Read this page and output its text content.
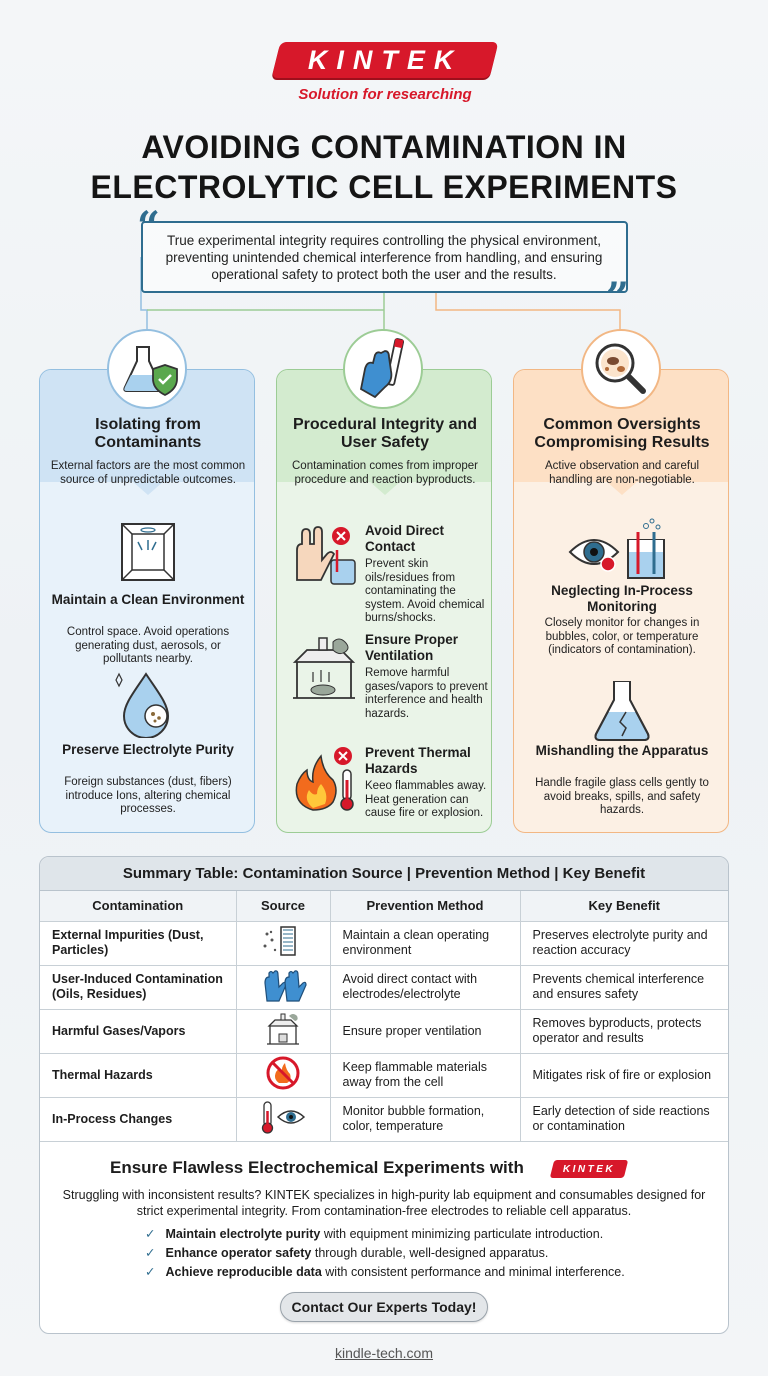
KINTEK
Solution for researching
AVOIDING CONTAMINATION IN
ELECTROLYTIC CELL EXPERIMENTS
“
”
True experimental integrity requires controlling the physical environment, preventing unintended chemical interference from handling, and ensuring operational safety to protect both the user and the results.
Isolating from Contaminants
External factors are the most common source of unpredictable outcomes.
Maintain a Clean Environment
Control space. Avoid operations generating dust, aerosols, or pollutants nearby.
Preserve Electrolyte Purity
Foreign substances (dust, fibers) introduce Ions, altering chemical processes.
Procedural Integrity and User Safety
Contamination comes from improper procedure and reaction byproducts.
Avoid Direct Contact
Prevent skin oils/residues from contaminating the system. Avoid chemical burns/shocks.
Ensure Proper Ventilation
Remove harmful gases/vapors to prevent interference and health hazards.
Prevent Thermal Hazards
Keeo flammables away. Heat generation can cause fire or explosion.
Common Oversights Compromising Results
Active observation and careful handling are non-negotiable.
Neglecting In-Process Monitoring
Closely monitor for changes in bubbles, color, or temperature (indicators of contamination).
Mishandling the Apparatus
Handle fragile glass cells gently to avoid breaks, spills, and safety hazards.
Summary Table: Contamination Source | Prevention Method | Key Benefit
Contamination	Source	Prevention Method	Key Benefit
External Impurities (Dust, Particles)		Maintain a clean operating environment	Preserves electrolyte purity and reaction accuracy
User-Induced Contamination (Oils, Residues)		Avoid direct contact with electrodes/electrolyte	Prevents chemical interference and ensures safety
Harmful Gases/Vapors		Ensure proper ventilation	Removes byproducts, protects operator and results
Thermal Hazards		Keep flammable materials away from the cell	Mitigates risk of fire or explosion
In-Process Changes		Monitor bubble formation, color, temperature	Early detection of side reactions or contamination
Ensure Flawless Electrochemical Experiments with	KINTEK
Struggling with inconsistent results? KINTEK specializes in high-purity lab equipment and consumables designed for strict experimental integrity. From contamination-free electrodes to reliable cell apparatus.
✓ Maintain electrolyte purity with equipment minimizing particulate introduction.
✓ Enhance operator safety through durable, well-designed apparatus.
✓ Achieve reproducible data with consistent performance and minimal interference.
Contact Our Experts Today!
kindle-tech.com
